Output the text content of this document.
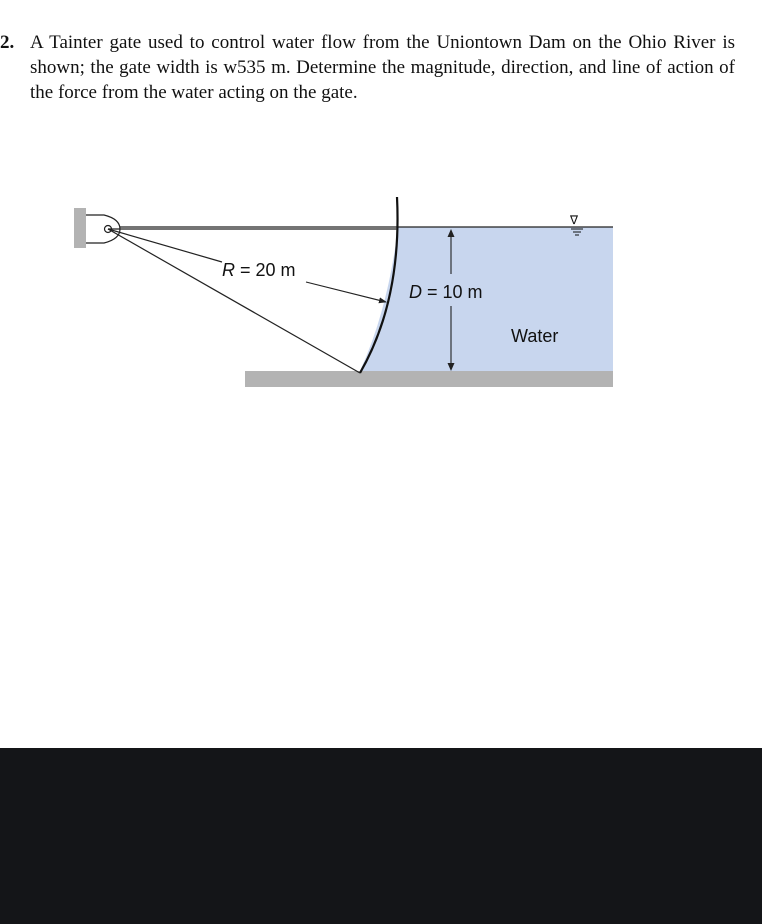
2. A Tainter gate used to control water flow from the Uniontown Dam on the Ohio River is shown; the gate width is w535 m. Determine the magnitude, direction, and line of action of the force from the water acting on the gate.
R = 20 m
D = 10 m
Water
∇
